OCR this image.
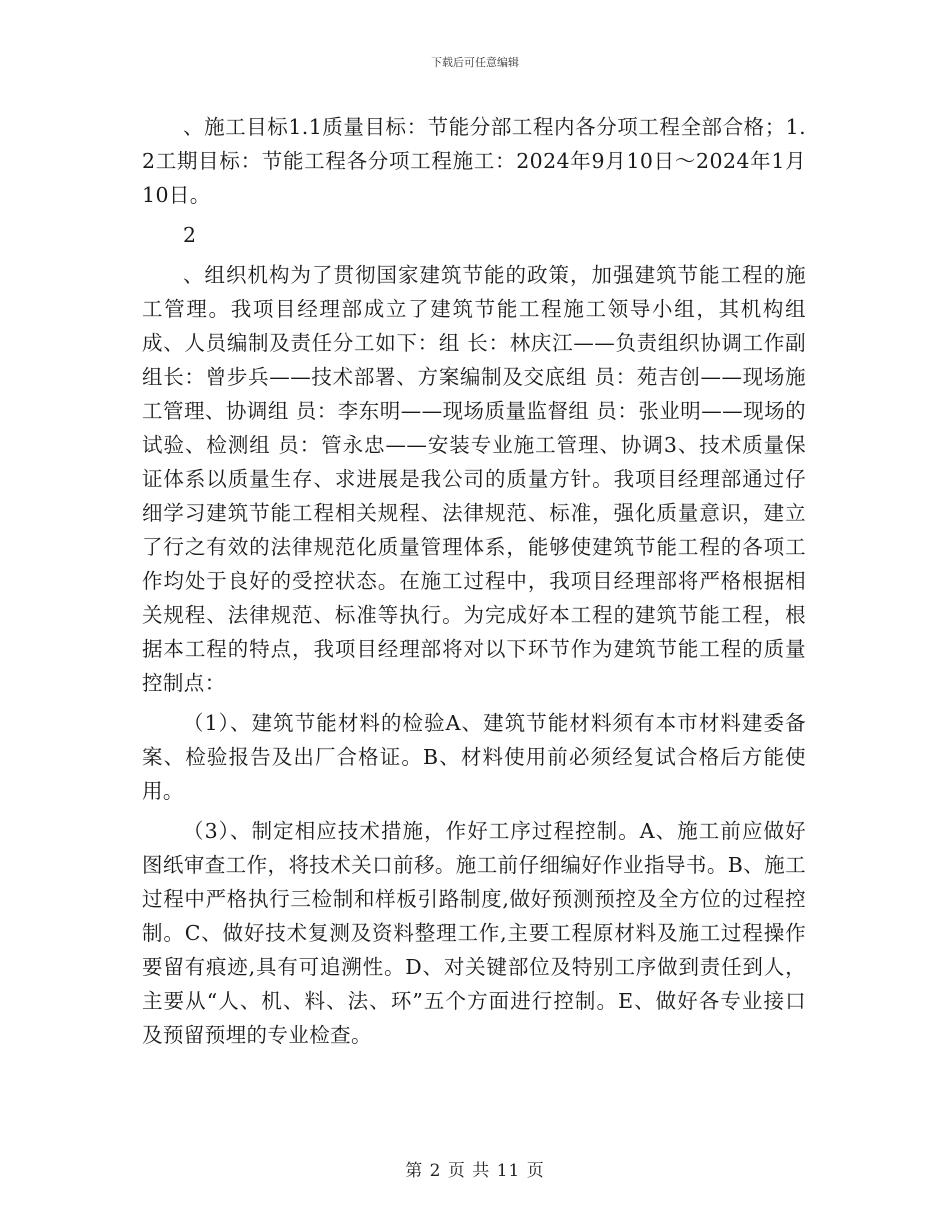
下载后可任意编辑

、施工目标1.1质量目标：节能分部工程内各分项工程全部合格；1.2工期目标：节能工程各分项工程施工：2024年9月10日～2024年1月10日。

2

、组织机构为了贯彻国家建筑节能的政策，加强建筑节能工程的施工管理。我项目经理部成立了建筑节能工程施工领导小组，其机构组成、人员编制及责任分工如下：组 长：林庆江——负责组织协调工作副组长：曾步兵——技术部署、方案编制及交底组 员：苑吉创——现场施工管理、协调组 员：李东明——现场质量监督组 员：张业明——现场的试验、检测组 员：管永忠——安装专业施工管理、协调3、技术质量保证体系以质量生存、求进展是我公司的质量方针。我项目经理部通过仔细学习建筑节能工程相关规程、法律规范、标准，强化质量意识，建立了行之有效的法律规范化质量管理体系，能够使建筑节能工程的各项工作均处于良好的受控状态。在施工过程中，我项目经理部将严格根据相关规程、法律规范、标准等执行。为完成好本工程的建筑节能工程，根据本工程的特点，我项目经理部将对以下环节作为建筑节能工程的质量控制点：

（1）、建筑节能材料的检验A、建筑节能材料须有本市材料建委备案、检验报告及出厂合格证。B、材料使用前必须经复试合格后方能使用。

（3）、制定相应技术措施，作好工序过程控制。A、施工前应做好图纸审查工作，将技术关口前移。施工前仔细编好作业指导书。B、施工过程中严格执行三检制和样板引路制度,做好预测预控及全方位的过程控制。C、做好技术复测及资料整理工作,主要工程原材料及施工过程操作要留有痕迹,具有可追溯性。D、对关键部位及特别工序做到责任到人，主要从“人、机、料、法、环”五个方面进行控制。E、做好各专业接口及预留预埋的专业检查。

第 2 页 共 11 页
